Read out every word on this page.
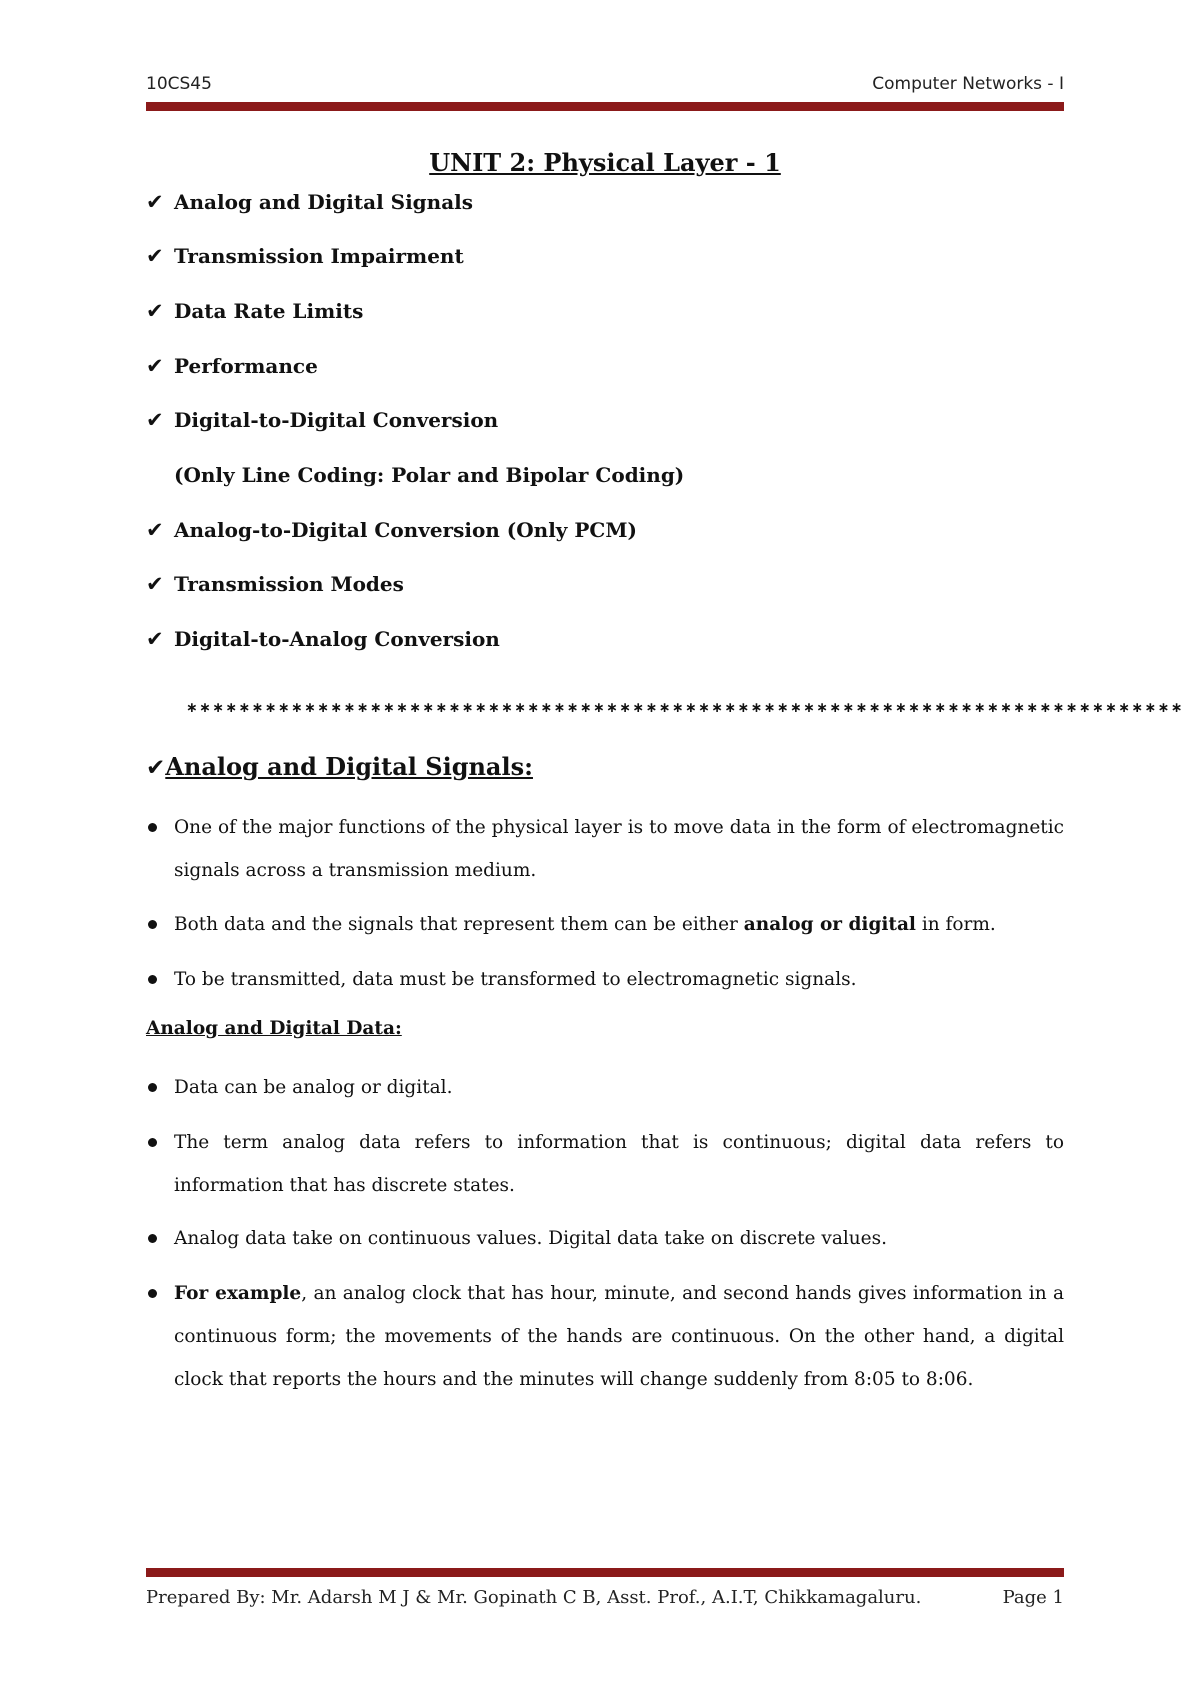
10CS45	Computer Networks - I
UNIT 2: Physical Layer - 1
✔ Analog and Digital Signals
✔ Transmission Impairment
✔ Data Rate Limits
✔ Performance
✔ Digital-to-Digital Conversion
(Only Line Coding: Polar and Bipolar Coding)
✔ Analog-to-Digital Conversion (Only PCM)
✔ Transmission Modes
✔ Digital-to-Analog Conversion
∗∗∗∗∗∗∗∗∗∗∗∗∗∗∗∗∗∗∗∗∗∗∗∗∗∗∗∗∗∗∗∗∗∗∗∗∗∗∗∗∗∗∗∗∗∗∗∗∗∗∗∗∗∗∗∗∗∗∗∗∗∗∗∗∗∗∗∗∗∗∗∗∗∗∗∗
✔Analog and Digital Signals:
One of the major functions of the physical layer is to move data in the form of electromagnetic signals across a transmission medium.
Both data and the signals that represent them can be either analog or digital in form.
To be transmitted, data must be transformed to electromagnetic signals.
Analog and Digital Data:
Data can be analog or digital.
The term analog data refers to information that is continuous; digital data refers to information that has discrete states.
Analog data take on continuous values. Digital data take on discrete values.
For example, an analog clock that has hour, minute, and second hands gives information in a continuous form; the movements of the hands are continuous. On the other hand, a digital clock that reports the hours and the minutes will change suddenly from 8:05 to 8:06.
Prepared By: Mr. Adarsh M J & Mr. Gopinath C B, Asst. Prof., A.I.T, Chikkamagaluru.	Page 1
